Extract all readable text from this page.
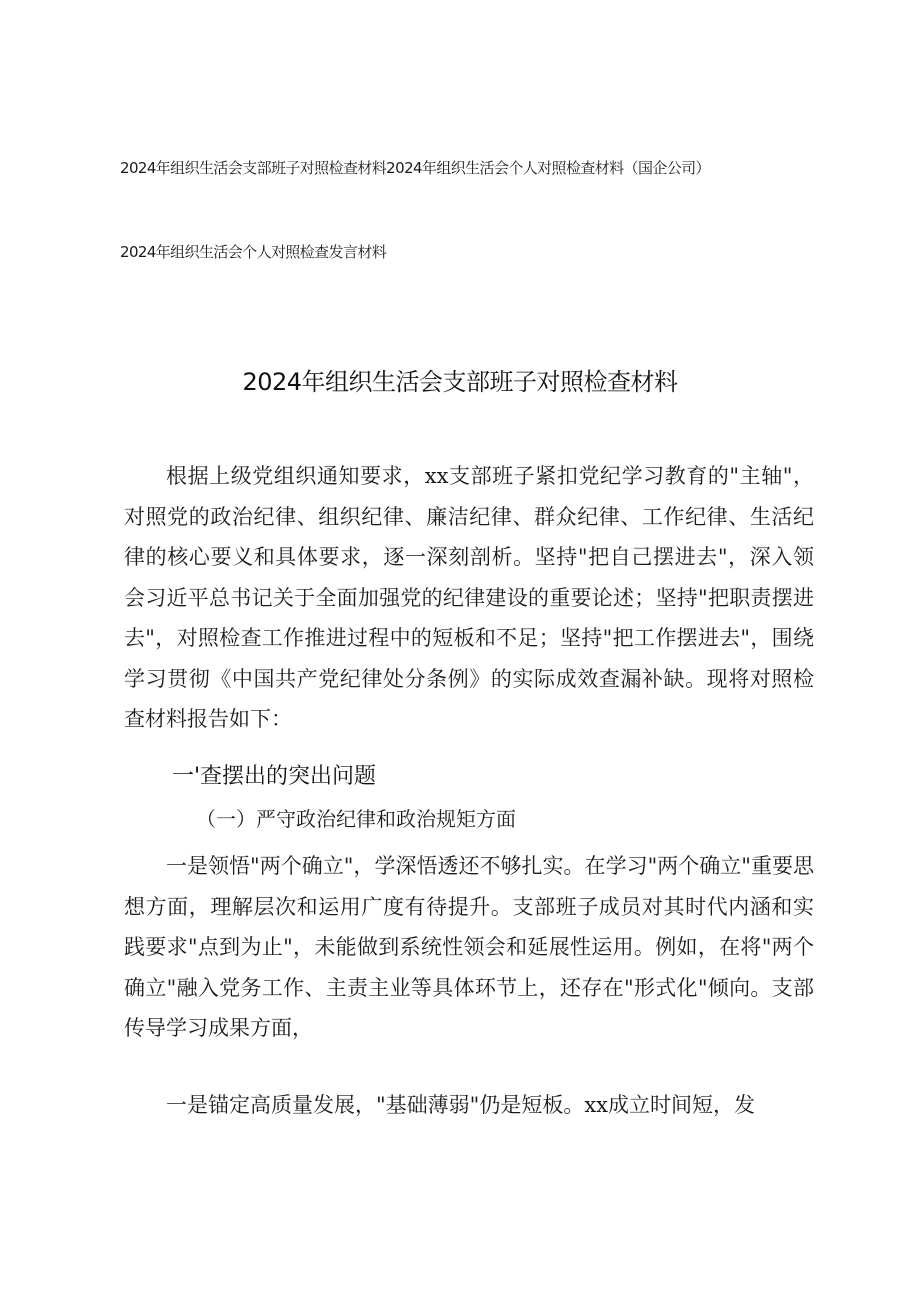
2024年组织生活会支部班子对照检查材料2024年组织生活会个人对照检查材料（国企公司）
2024年组织生活会个人对照检查发言材料
2024年组织生活会支部班子对照检查材料

根据上级党组织通知要求，xx支部班子紧扣党纪学习教育的"主轴"，对照党的政治纪律、组织纪律、廉洁纪律、群众纪律、工作纪律、生活纪律的核心要义和具体要求，逐一深刻剖析。坚持"把自己摆进去"，深入领会习近平总书记关于全面加强党的纪律建设的重要论述；坚持"把职责摆进去"，对照检查工作推进过程中的短板和不足；坚持"把工作摆进去"，围绕学习贯彻《中国共产党纪律处分条例》的实际成效查漏补缺。现将对照检查材料报告如下：

一'查摆出的突出问题
（一）严守政治纪律和政治规矩方面

一是领悟"两个确立"，学深悟透还不够扎实。在学习"两个确立"重要思想方面，理解层次和运用广度有待提升。支部班子成员对其时代内涵和实践要求"点到为止"，未能做到系统性领会和延展性运用。例如，在将"两个确立"融入党务工作、主责主业等具体环节上，还存在"形式化"倾向。支部传导学习成果方面，

一是锚定高质量发展，"基础薄弱"仍是短板。xx成立时间短，发
